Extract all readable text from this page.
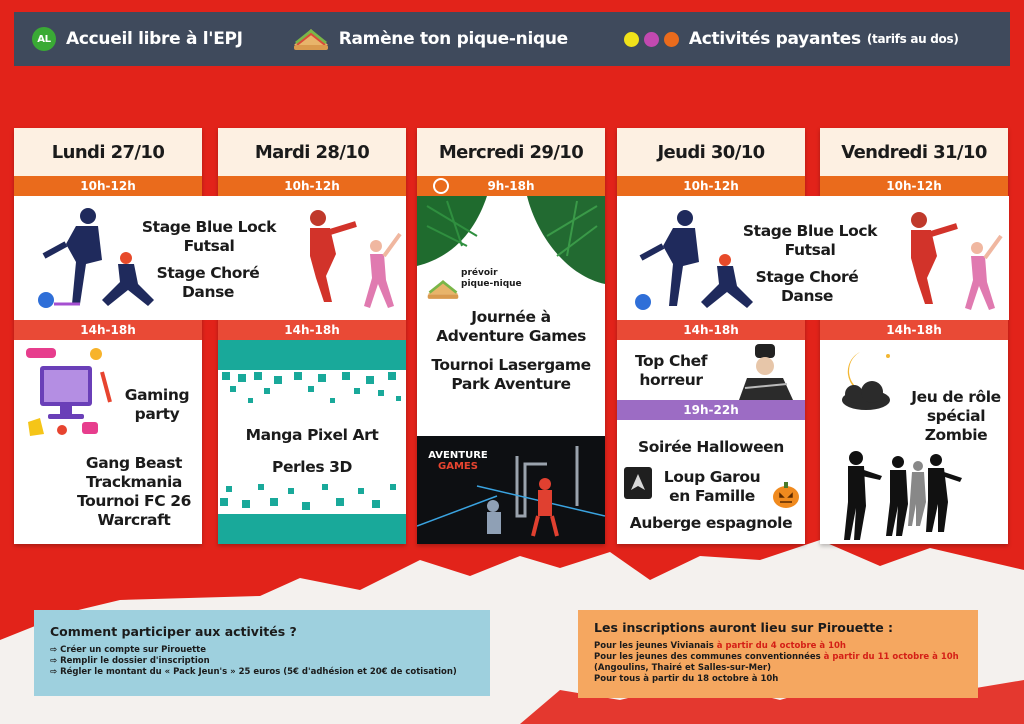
AL Accueil libre à l'EPJ	Ramène ton pique-nique	Activités payantes (tarifs au dos)
Lundi 27/10
10h-12h
14h-18h
Gaming
party
Gang Beast
Trackmania
Tournoi FC 26
Warcraft
Mardi 28/10
10h-12h
14h-18h
Manga Pixel Art
Perles 3D
Mercredi 29/10
9h-18h
prévoir
pique-nique
Journée à
Adventure Games
Tournoi Lasergame
Park Aventure
AVENTURE
GAMES
Jeudi 30/10
10h-12h
14h-18h
Top Chef
horreur
19h-22h
Soirée Halloween
Loup Garou
en Famille
Auberge espagnole
Vendredi 31/10
10h-12h
14h-18h
Jeu de rôle
spécial
Zombie
Stage Blue Lock
Futsal
Stage Choré
Danse
Stage Blue Lock
Futsal
Stage Choré
Danse
Comment participer aux activités ?
⇨ Créer un compte sur Pirouette
⇨ Remplir le dossier d'inscription
⇨ Régler le montant du « Pack Jeun's » 25 euros (5€ d'adhésion et 20€ de cotisation)
Les inscriptions auront lieu sur Pirouette :
Pour les jeunes Vivianais à partir du 4 octobre à 10h
Pour les jeunes des communes conventionnées à partir du 11 octobre à 10h
(Angoulins, Thairé et Salles-sur-Mer)
Pour tous à partir du 18 octobre à 10h
